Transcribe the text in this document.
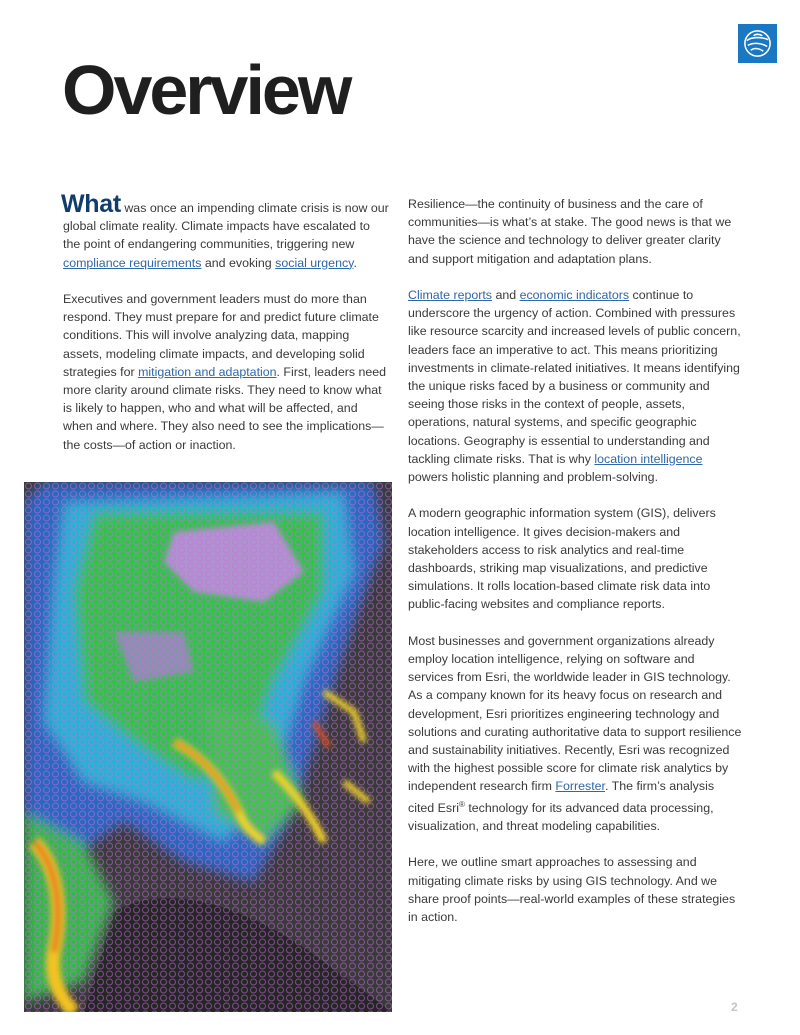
Overview

What was once an impending climate crisis is now our global climate reality. Climate impacts have escalated to the point of endangering communities, triggering new compliance requirements and evoking social urgency.

Executives and government leaders must do more than respond. They must prepare for and predict future climate conditions. This will involve analyzing data, mapping assets, modeling climate impacts, and developing solid strategies for mitigation and adaptation. First, leaders need more clarity around climate risks. They need to know what is likely to happen, who and what will be affected, and when and where. They also need to see the implications—the costs—of action or inaction.

Resilience—the continuity of business and the care of communities—is what’s at stake. The good news is that we have the science and technology to deliver greater clarity and support mitigation and adaptation plans.

Climate reports and economic indicators continue to underscore the urgency of action. Combined with pressures like resource scarcity and increased levels of public concern, leaders face an imperative to act. This means prioritizing investments in climate-related initiatives. It means identifying the unique risks faced by a business or community and seeing those risks in the context of people, assets, operations, natural systems, and specific geographic locations. Geography is essential to understanding and tackling climate risks. That is why location intelligence powers holistic planning and problem-solving.

A modern geographic information system (GIS), delivers location intelligence. It gives decision-makers and stakeholders access to risk analytics and real-time dashboards, striking map visualizations, and predictive simulations. It rolls location-based climate risk data into public-facing websites and compliance reports.

Most businesses and government organizations already employ location intelligence, relying on software and services from Esri, the worldwide leader in GIS technology. As a company known for its heavy focus on research and development, Esri prioritizes engineering technology and solutions and curating authoritative data to support resilience and sustainability initiatives. Recently, Esri was recognized with the highest possible score for climate risk analytics by independent research firm Forrester. The firm’s analysis cited Esri® technology for its advanced data processing, visualization, and threat modeling capabilities.

Here, we outline smart approaches to assessing and mitigating climate risks by using GIS technology. And we share proof points—real-world examples of these strategies in action.

2
